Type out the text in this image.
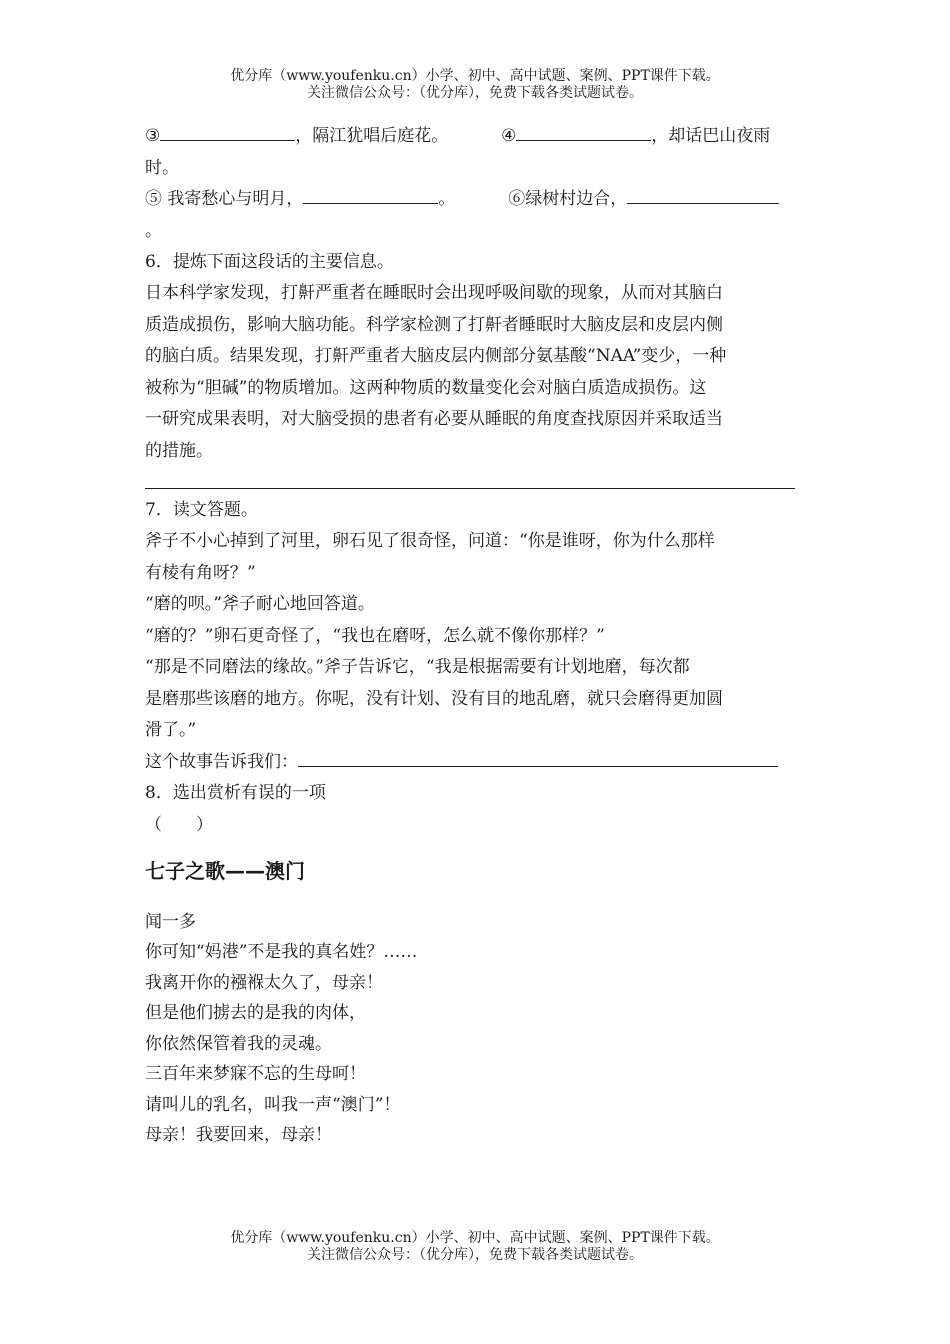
优分库（www.youfenku.cn）小学、初中、高中试题、案例、PPT课件下载。
关注微信公众号：（优分库），免费下载各类试题试卷。
③	，隔江犹唱后庭花。	④	，却话巴山夜雨
时。
⑤ 我寄愁心与明月，	。	⑥绿树村边合，
。
6．提炼下面这段话的主要信息。
日本科学家发现，打鼾严重者在睡眠时会出现呼吸间歇的现象，从而对其脑白
质造成损伤，影响大脑功能。科学家检测了打鼾者睡眠时大脑皮层和皮层内侧
的脑白质。结果发现，打鼾严重者大脑皮层内侧部分氨基酸“NAA”变少，一种
被称为“胆碱”的物质增加。这两种物质的数量变化会对脑白质造成损伤。这
一研究成果表明，对大脑受损的患者有必要从睡眠的角度查找原因并采取适当
的措施。
7．读文答题。
斧子不小心掉到了河里，卵石见了很奇怪，问道：“你是谁呀，你为什么那样
有棱有角呀？”
“磨的呗。”斧子耐心地回答道。
“磨的？”卵石更奇怪了，“我也在磨呀，怎么就不像你那样？”
“那是不同磨法的缘故。”斧子告诉它，“我是根据需要有计划地磨，每次都
是磨那些该磨的地方。你呢，没有计划、没有目的地乱磨，就只会磨得更加圆
滑了。”
这个故事告诉我们：
8．选出赏析有误的一项
（　　）
七子之歌——澳门
闻一多
你可知“妈港”不是我的真名姓？……
我离开你的襁褓太久了，母亲！
但是他们掳去的是我的肉体，
你依然保管着我的灵魂。
三百年来梦寐不忘的生母呵！
请叫儿的乳名，叫我一声“澳门”！
母亲！我要回来，母亲！
优分库（www.youfenku.cn）小学、初中、高中试题、案例、PPT课件下载。
关注微信公众号：（优分库），免费下载各类试题试卷。
